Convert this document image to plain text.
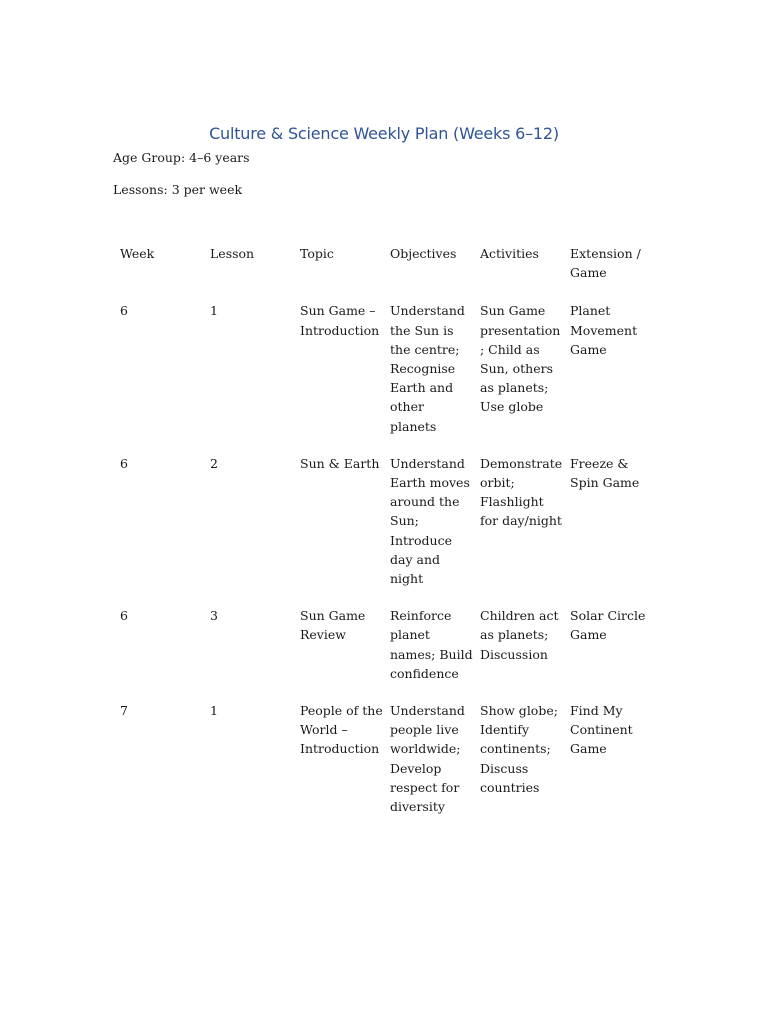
Culture & Science Weekly Plan (Weeks 6–12)
Age Group: 4–6 years
Lessons: 3 per week
Week	Lesson	Topic	Objectives	Activities	Extension / Game
6	1	Sun Game – Introduction	Understand the Sun is the centre; Recognise Earth and other planets	Sun Game presentation; Child as Sun, others as planets; Use globe	Planet Movement Game
6	2	Sun & Earth	Understand Earth moves around the Sun; Introduce day and night	Demonstrate orbit; Flashlight for day/night	Freeze & Spin Game
6	3	Sun Game Review	Reinforce planet names; Build confidence	Children act as planets; Discussion	Solar Circle Game
7	1	People of the World – Introduction	Understand people live worldwide; Develop respect for diversity	Show globe; Identify continents; Discuss countries	Find My Continent Game
